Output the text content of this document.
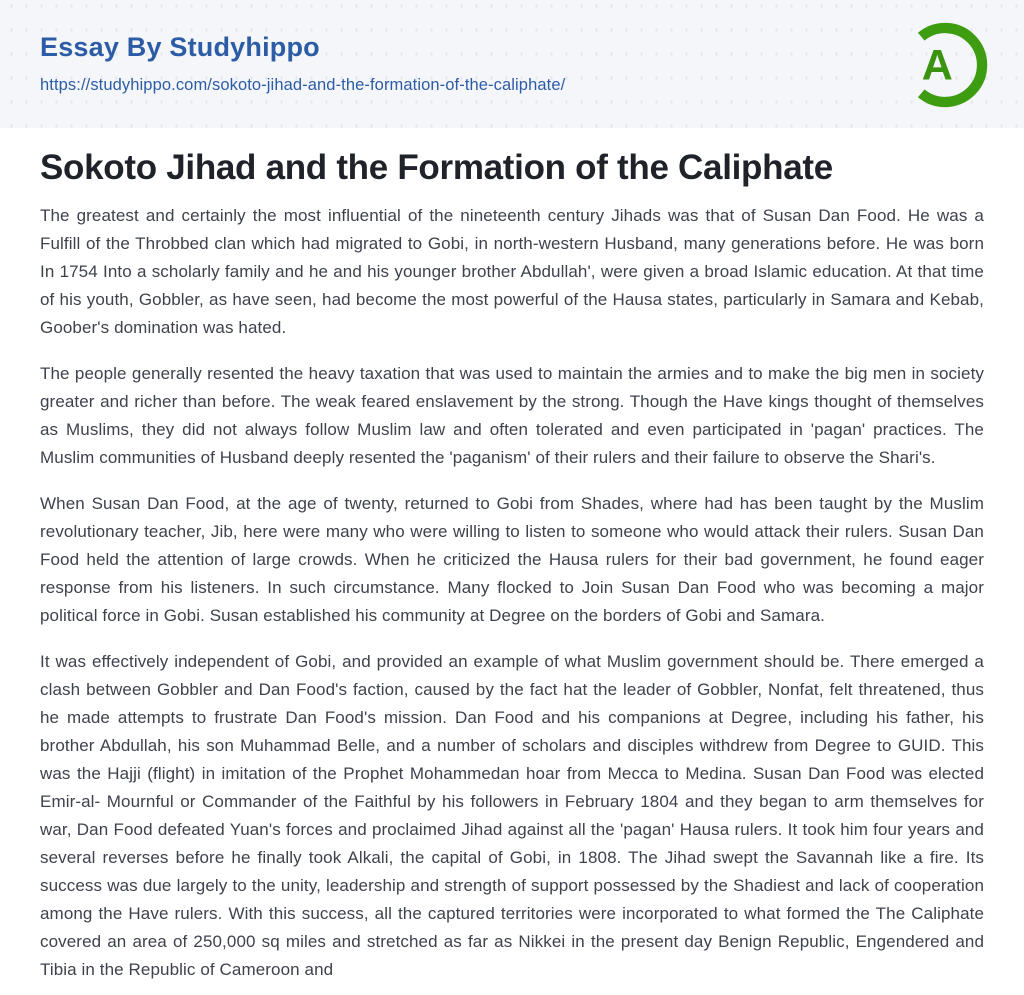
Essay By Studyhippo
https://studyhippo.com/sokoto-jihad-and-the-formation-of-the-caliphate/	A
Sokoto Jihad and the Formation of the Caliphate

The greatest and certainly the most influential of the nineteenth century Jihads was that of Susan Dan Food. He was a Fulfill of the Throbbed clan which had migrated to Gobi, in north-western Husband, many generations before. He was born In 1754 Into a scholarly family and he and his younger brother Abdullah', were given a broad Islamic education. At that time of his youth, Gobbler, as have seen, had become the most powerful of the Hausa states, particularly in Samara and Kebab, Goober's domination was hated.

The people generally resented the heavy taxation that was used to maintain the armies and to make the big men in society greater and richer than before. The weak feared enslavement by the strong. Though the Have kings thought of themselves as Muslims, they did not always follow Muslim law and often tolerated and even participated in 'pagan' practices. The Muslim communities of Husband deeply resented the 'paganism' of their rulers and their failure to observe the Shari's.

When Susan Dan Food, at the age of twenty, returned to Gobi from Shades, where had has been taught by the Muslim revolutionary teacher, Jib, here were many who were willing to listen to someone who would attack their rulers. Susan Dan Food held the attention of large crowds. When he criticized the Hausa rulers for their bad government, he found eager response from his listeners. In such circumstance. Many flocked to Join Susan Dan Food who was becoming a major political force in Gobi. Susan established his community at Degree on the borders of Gobi and Samara.

It was effectively independent of Gobi, and provided an example of what Muslim government should be. There emerged a clash between Gobbler and Dan Food's faction, caused by the fact hat the leader of Gobbler, Nonfat, felt threatened, thus he made attempts to frustrate Dan Food's mission. Dan Food and his companions at Degree, including his father, his brother Abdullah, his son Muhammad Belle, and a number of scholars and disciples withdrew from Degree to GUID. This was the Hajji (flight) in imitation of the Prophet Mohammedan hoar from Mecca to Medina. Susan Dan Food was elected Emir-al- Mournful or Commander of the Faithful by his followers in February 1804 and they began to arm themselves for war, Dan Food defeated Yuan's forces and proclaimed Jihad against all the 'pagan' Hausa rulers. It took him four years and several reverses before he finally took Alkali, the capital of Gobi, in 1808. The Jihad swept the Savannah like a fire. Its success was due largely to the unity, leadership and strength of support possessed by the Shadiest and lack of cooperation among the Have rulers. With this success, all the captured territories were incorporated to what formed the The Caliphate covered an area of 250,000 sq miles and stretched as far as Nikkei in the present day Benign Republic, Engendered and Tibia in the Republic of Cameroon and
